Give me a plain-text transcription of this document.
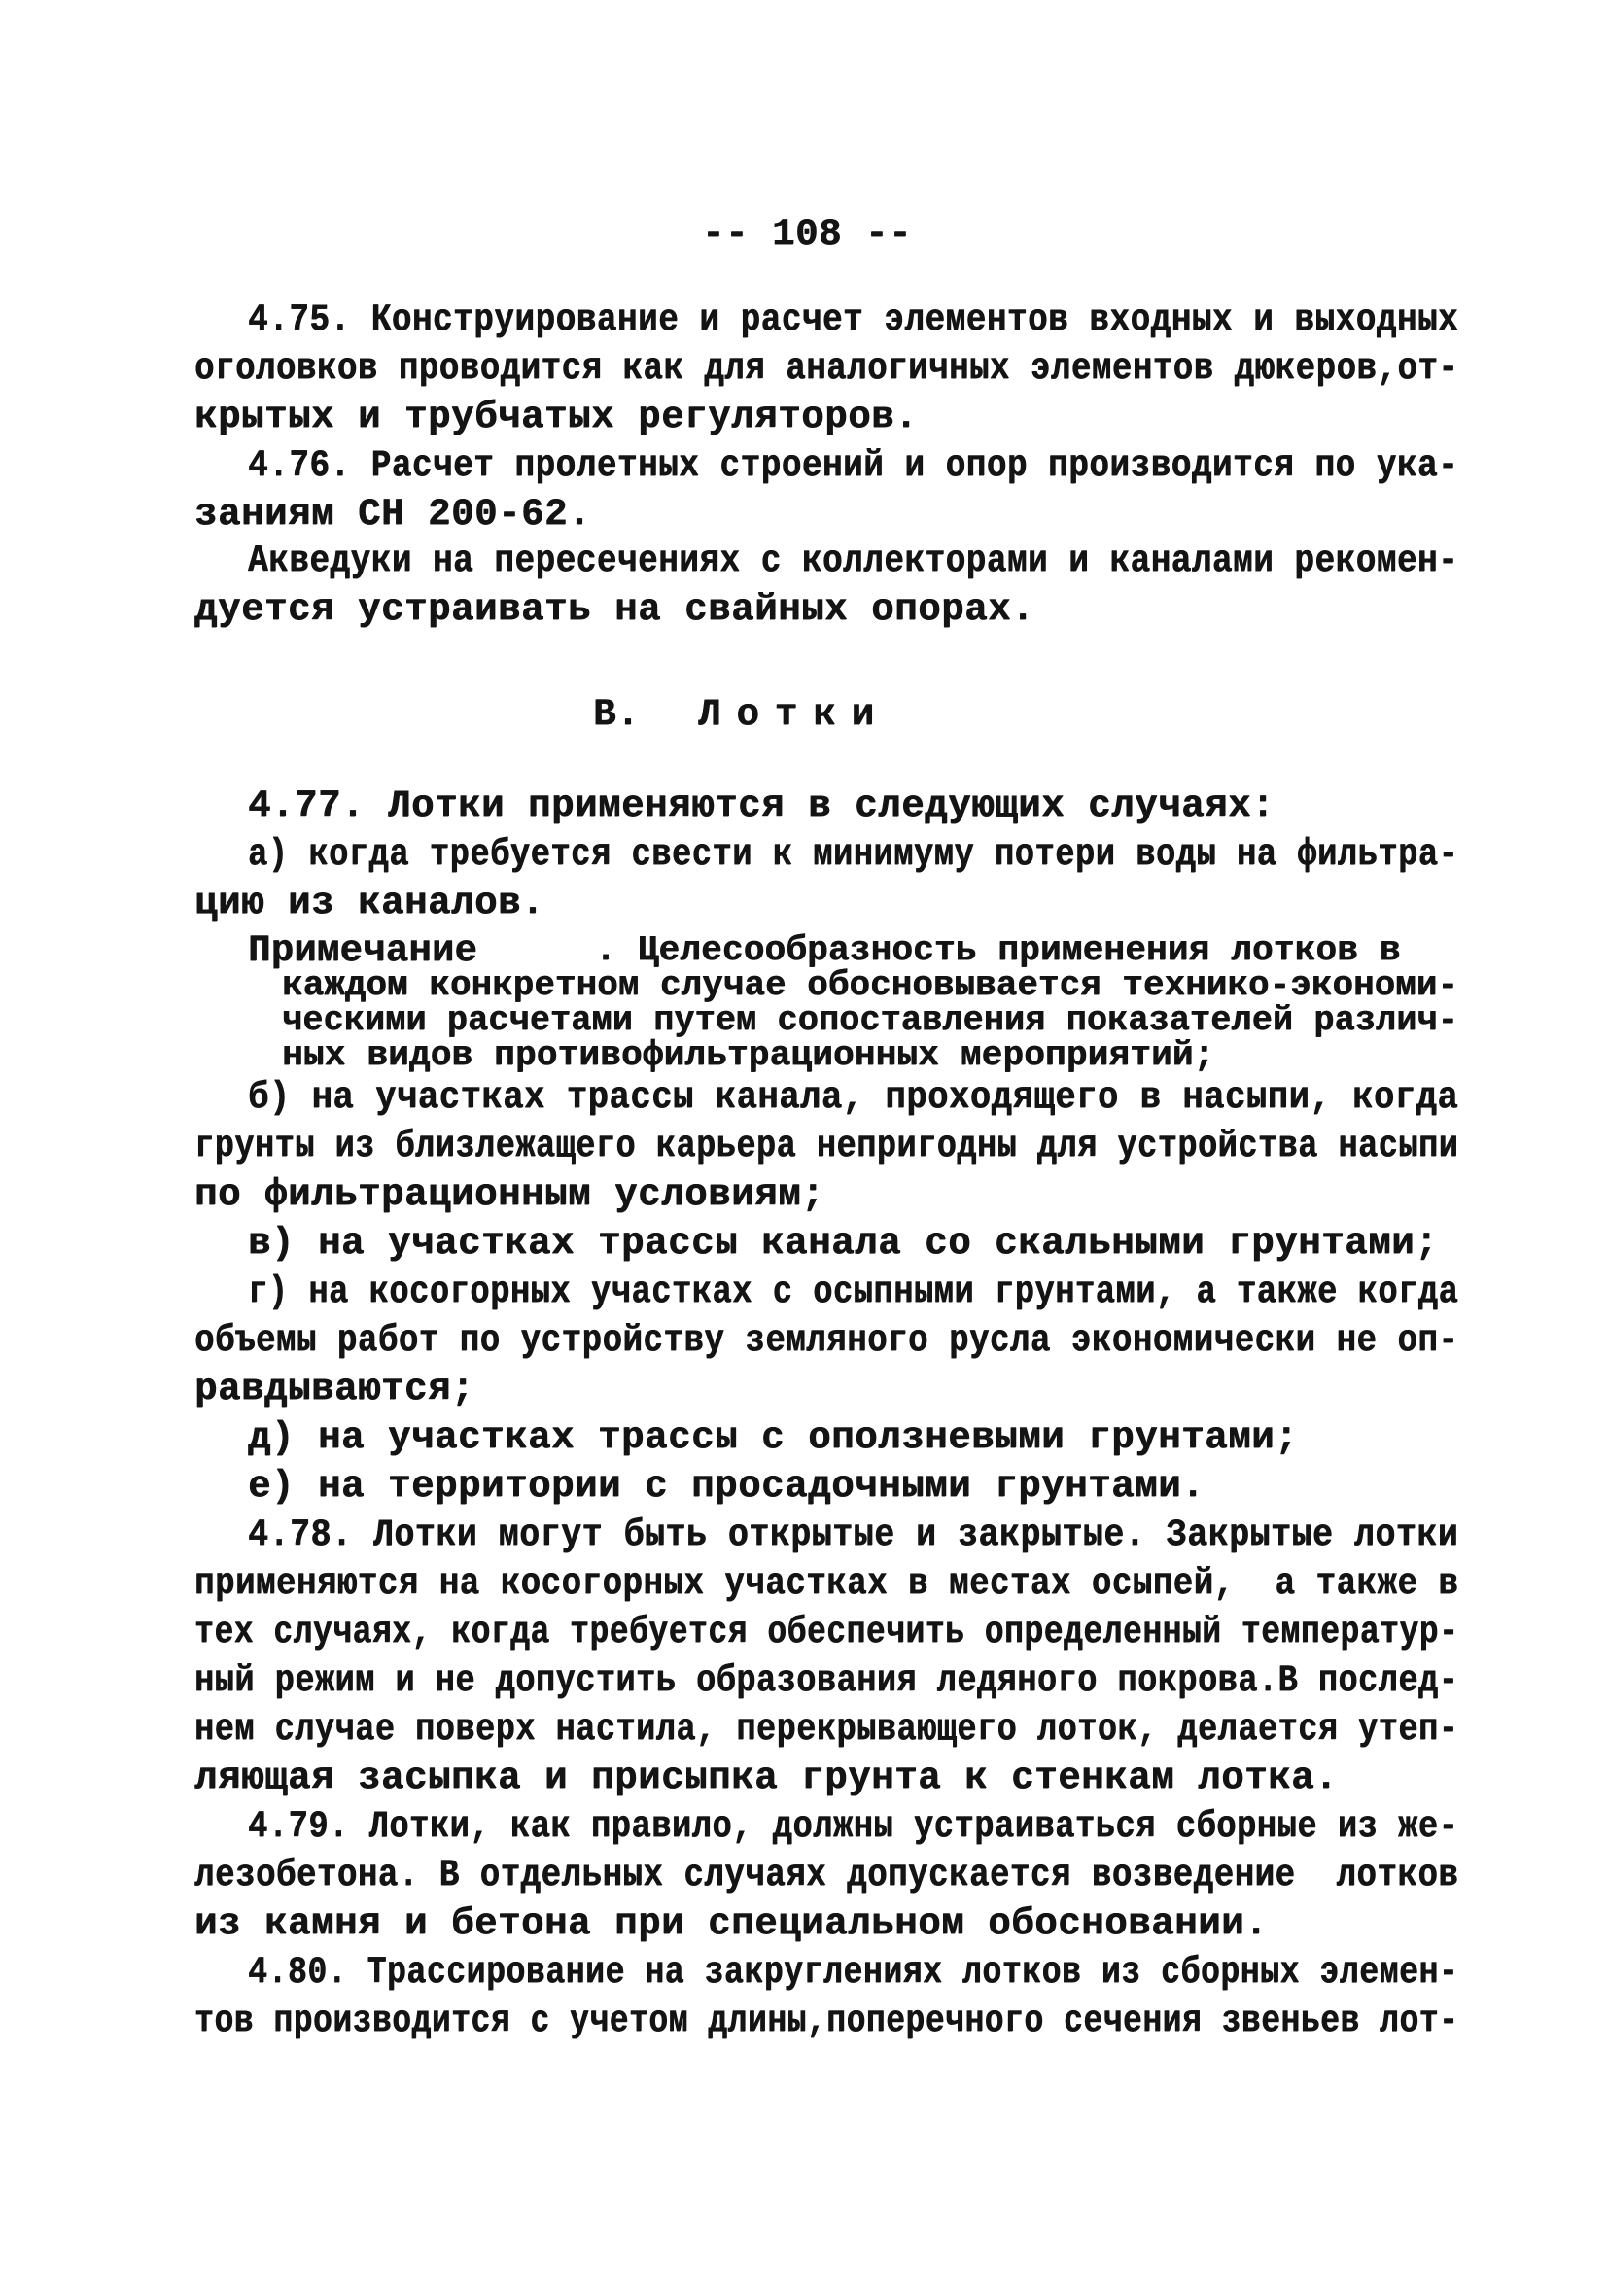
-- 108 --

4.75. Конструирование и расчет элементов входных и выходных

оголовков проводится как для аналогичных элементов дюкеров,от-

крытых и трубчатых регуляторов.

4.76. Расчет пролетных строений и опор производится по ука-

заниям СН 200-62.

Акведуки на пересечениях с коллекторами и каналами рекомен-

дуется устраивать на свайных опорах.

В. Лотки

4.77. Лотки применяются в следующих случаях:

а) когда требуется свести к минимуму потери воды на фильтра-

цию из каналов.

Примечание	. Целесообразность применения лотков в

каждом конкретном случае обосновывается технико-экономи-

ческими расчетами путем сопоставления показателей различ-

ных видов противофильтрационных мероприятий;

б) на участках трассы канала, проходящего в насыпи, когда

грунты из близлежащего карьера непригодны для устройства насыпи

по фильтрационным условиям;

в) на участках трассы канала со скальными грунтами;

г) на косогорных участках с осыпными грунтами, а также когда

объемы работ по устройству земляного русла экономически не оп-

равдываются;

д) на участках трассы с оползневыми грунтами;

е) на территории с просадочными грунтами.

4.78. Лотки могут быть открытые и закрытые. Закрытые лотки

применяются на косогорных участках в местах осыпей,  а также в

тех случаях, когда требуется обеспечить определенный температур-

ный режим и не допустить образования ледяного покрова.В послед-

нем случае поверх настила, перекрывающего лоток, делается утеп-

ляющая засыпка и присыпка грунта к стенкам лотка.

4.79. Лотки, как правило, должны устраиваться сборные из же-

лезобетона. В отдельных случаях допускается возведение  лотков

из камня и бетона при специальном обосновании.

4.80. Трассирование на закруглениях лотков из сборных элемен-

тов производится с учетом длины,поперечного сечения звеньев лот-
